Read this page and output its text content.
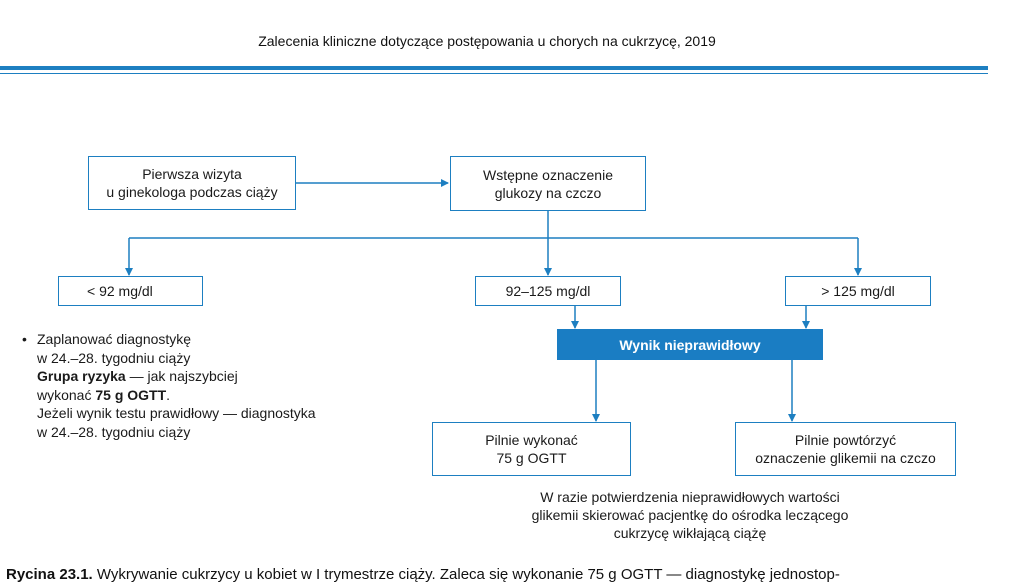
Zalecenia kliniczne dotyczące postępowania u chorych na cukrzycę, 2019
Pierwsza wizyta
u ginekologa podczas ciąży
Wstępne oznaczenie
glukozy na czczo
< 92 mg/dl	92–125 mg/dl	> 125 mg/dl
Wynik nieprawidłowy
Pilnie wykonać
75 g OGTT
Pilnie powtórzyć
oznaczenie glikemii na czczo
• Zaplanować diagnostykę
w 24.–28. tygodniu ciąży
Grupa ryzyka — jak najszybciej
wykonać 75 g OGTT.
Jeżeli wynik testu prawidłowy — diagnostyka
w 24.–28. tygodniu ciąży
W razie potwierdzenia nieprawidłowych wartości
glikemii skierować pacjentkę do ośrodka leczącego
cukrzycę wikłającą ciążę
Rycina 23.1. Wykrywanie cukrzycy u kobiet w I trymestrze ciąży. Zaleca się wykonanie 75 g OGTT — diagnostykę jednostop-
